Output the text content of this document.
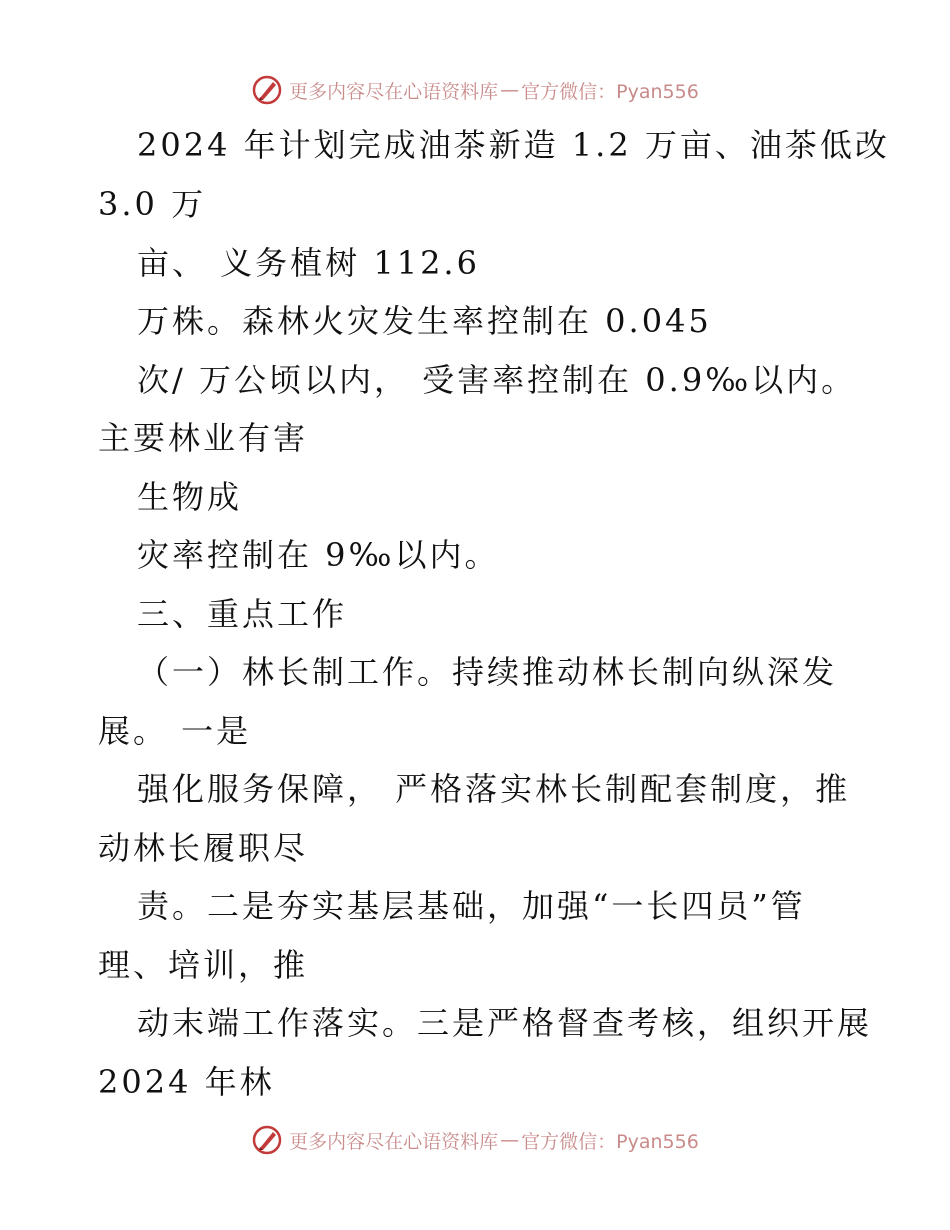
更多内容尽在心语资料库 — 官方微信：Pyan556
2024 年计划完成油茶新造 1.2 万亩、油茶低改
3.0 万
亩、 义务植树 112.6
万株。森林火灾发生率控制在 0.045
次/ 万公顷以内， 受害率控制在 0.9‰以内。
主要林业有害
生物成
灾率控制在 9‰以内。
三、重点工作
（一）林长制工作。持续推动林长制向纵深发
展。 一是
强化服务保障， 严格落实林长制配套制度，推
动林长履职尽
责。二是夯实基层基础，加强“一长四员”管
理、培训，推
动末端工作落实。三是严格督查考核，组织开展
2024 年林
更多内容尽在心语资料库 — 官方微信：Pyan556
